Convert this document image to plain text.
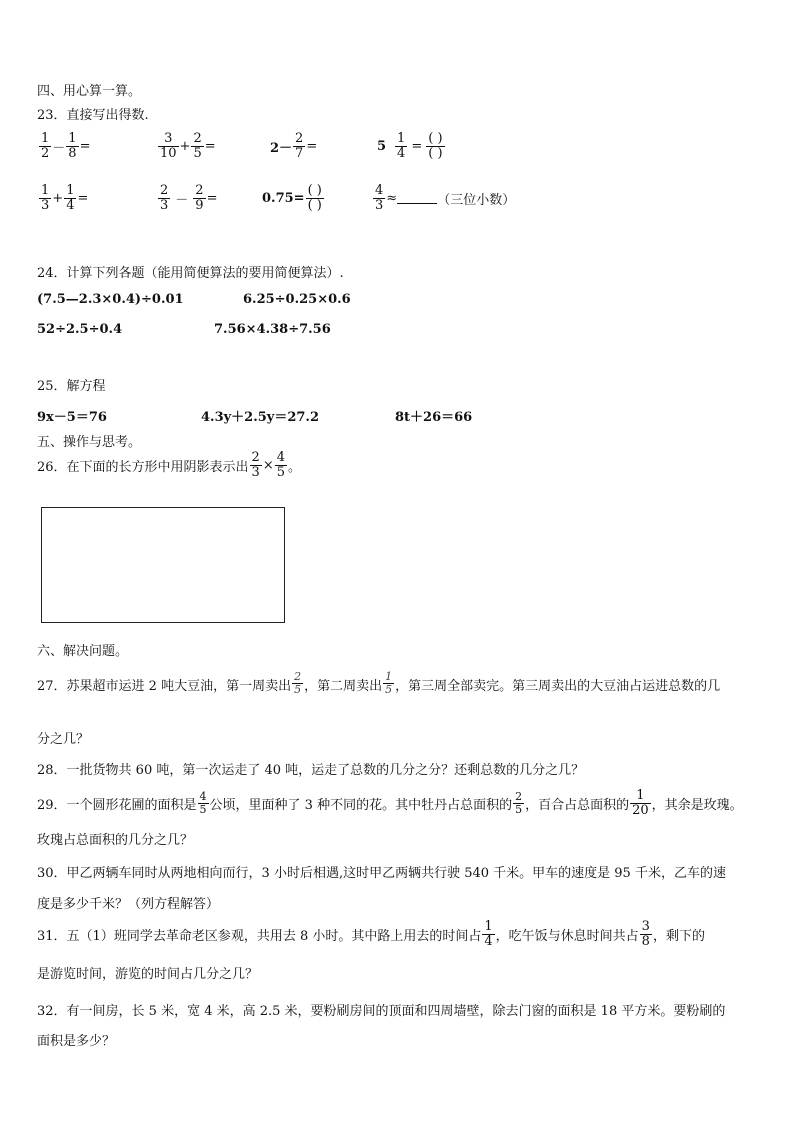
四、用心算一算。
23．直接写出得数.
$\frac{1}{2} - \frac{1}{8}$ =	$\frac{3}{10} + \frac{2}{5}$ =	$2- \frac{2}{7}$ =	$5 \frac{1}{4} = \frac{( )}{( )}$
$\frac{1}{3} + \frac{1}{4}$ =	$\frac{2}{3} - \frac{2}{9}$ =	$0.75= \frac{( )}{( )}$	$\frac{4}{3}$ ≈	（三位小数）
24．计算下列各题（能用简便算法的要用简便算法）.
(7.5—2.3×0.4)÷0.01	6.25÷0.25×0.6
52÷2.5÷0.4	7.56×4.38÷7.56
25．解方程
9x－5＝76	4.3y＋2.5y＝27.2	8t＋26＝66
五、操作与思考。
26．在下面的长方形中用阴影表示出 $\frac{2}{3} \times \frac{4}{5}$ 。
六、解决问题。
27．苏果超市运进 2 吨大豆油，第一周卖出 $\frac{2}{5}$ ，第二周卖出 $\frac{1}{5}$ ，第三周全部卖完。第三周卖出的大豆油占运进总数的几
分之几？
28．一批货物共 60 吨，第一次运走了 40 吨，运走了总数的几分之分？还剩总数的几分之几？
29．一个圆形花圃的面积是 $\frac{4}{5}$ 公顷，里面种了 3 种不同的花。其中牡丹占总面积的 $\frac{2}{5}$ ，百合占总面积的 $\frac{1}{20}$ ，其余是玫瑰。
玫瑰占总面积的几分之几？
30．甲乙两辆车同时从两地相向而行，3 小时后相遇,这时甲乙两辆共行驶 540 千米。甲车的速度是 95 千米，乙车的速
度是多少千米？（列方程解答）
31．五（1）班同学去革命老区参观，共用去 8 小时。其中路上用去的时间占 $\frac{1}{4}$ ，吃午饭与休息时间共占 $\frac{3}{8}$ ，剩下的
是游览时间，游览的时间占几分之几？
32．有一间房，长 5 米，宽 4 米，高 2.5 米，要粉刷房间的顶面和四周墙壁，除去门窗的面积是 18 平方米。要粉刷的
面积是多少？
